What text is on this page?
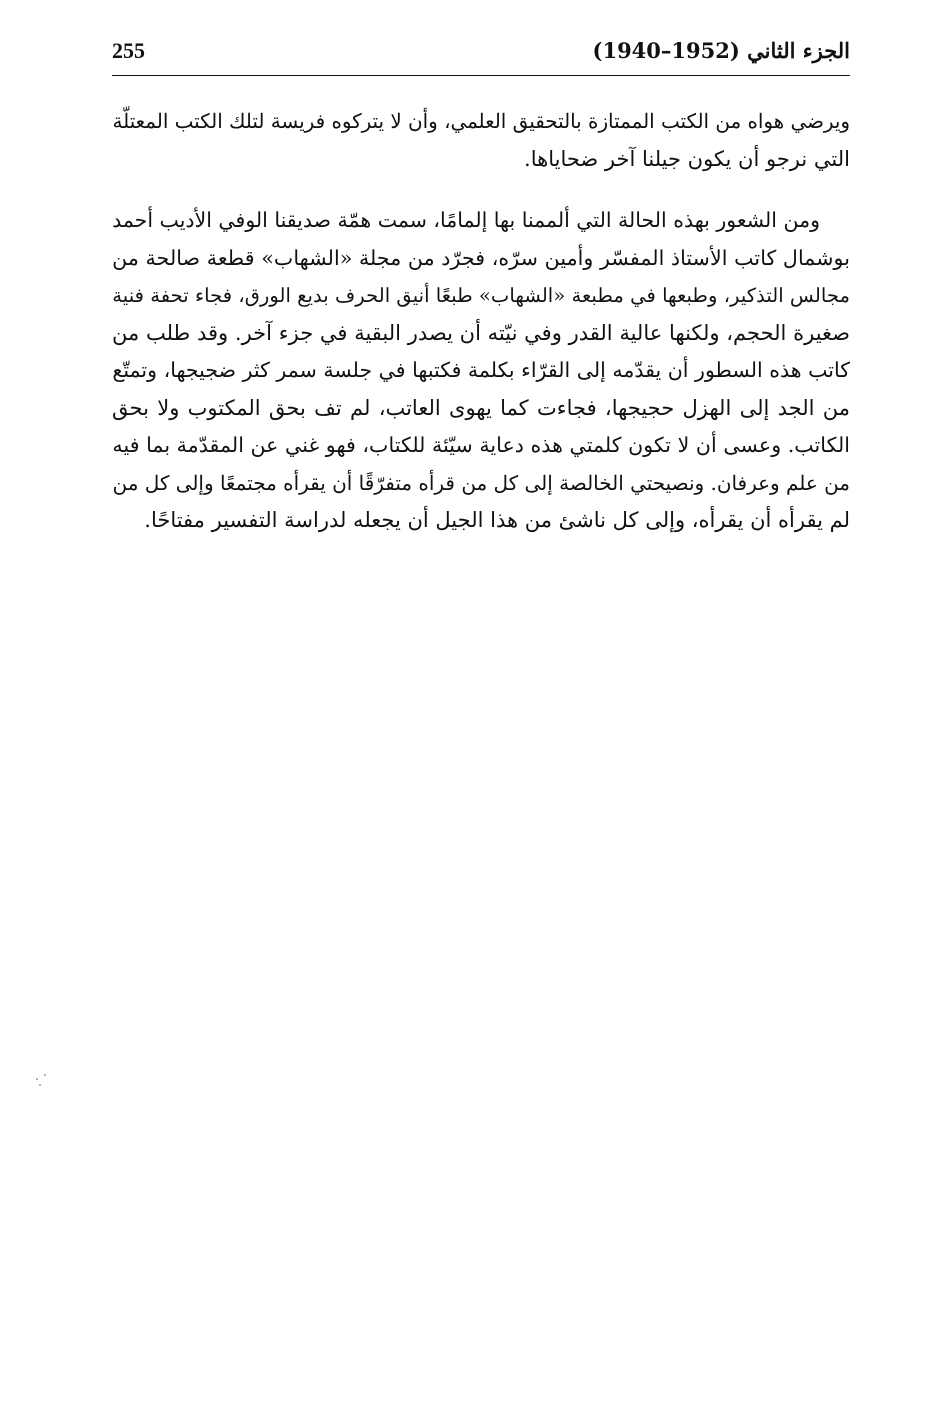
الجزء الثاني (1940–1952)
255
ويرضي هواه من الكتب الممتازة بالتحقيق العلمي، وأن لا يتركوه فريسة لتلك الكتب المعتلّة
التي نرجو أن يكون جيلنا آخر ضحاياها.
ومن الشعور بهذه الحالة التي ألممنا بها إلمامًا، سمت همّة صديقنا الوفي الأديب أحمد
بوشمال كاتب الأستاذ المفسّر وأمين سرّه، فجرّد من مجلة «الشهاب» قطعة صالحة من
مجالس التذكير، وطبعها في مطبعة «الشهاب» طبعًا أنيق الحرف بديع الورق، فجاء تحفة فنية
صغيرة الحجم، ولكنها عالية القدر وفي نيّته أن يصدر البقية في جزء آخر. وقد طلب من
كاتب هذه السطور أن يقدّمه إلى القرّاء بكلمة فكتبها في جلسة سمر كثر ضجيجها، وتمتّع
من الجد إلى الهزل حجيجها، فجاءت كما يهوى العاتب، لم تف بحق المكتوب ولا بحق
الكاتب. وعسى أن لا تكون كلمتي هذه دعاية سيّئة للكتاب، فهو غني عن المقدّمة بما فيه
من علم وعرفان. ونصيحتي الخالصة إلى كل من قرأه متفرّقًا أن يقرأه مجتمعًا وإلى كل من
لم يقرأه أن يقرأه، وإلى كل ناشئ من هذا الجيل أن يجعله لدراسة التفسير مفتاحًا.
